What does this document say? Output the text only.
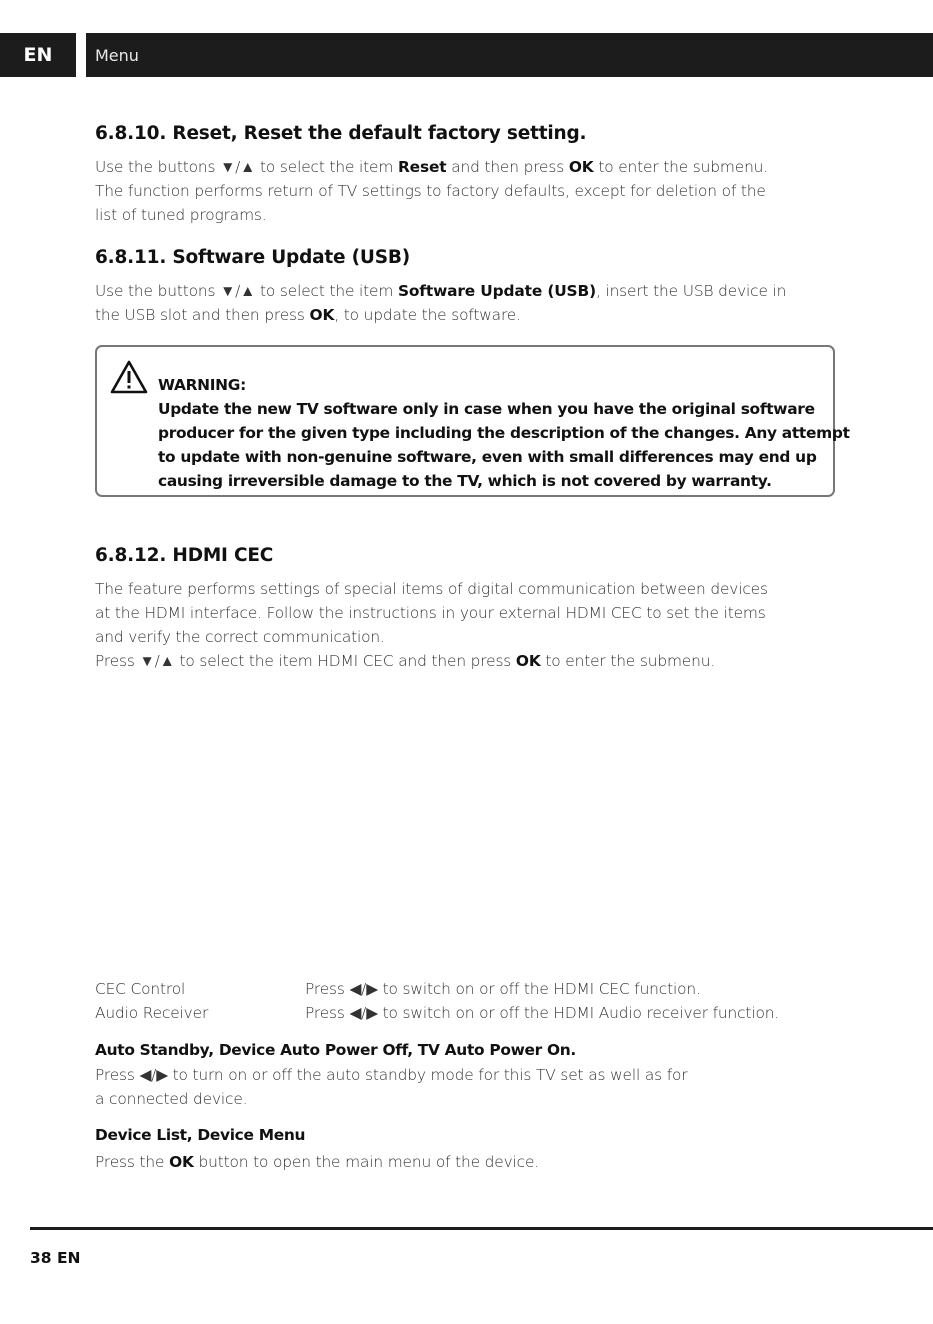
EN	Menu
6.8.10. Reset, Reset the default factory setting.
Use the buttons ▼/▲ to select the item Reset and then press OK to enter the submenu.
The function performs return of TV settings to factory defaults, except for deletion of the
list of tuned programs.
6.8.11. Software Update (USB)
Use the buttons ▼/▲ to select the item Software Update (USB), insert the USB device in
the USB slot and then press OK, to update the software.
WARNING:
Update the new TV software only in case when you have the original software
producer for the given type including the description of the changes. Any attempt
to update with non-genuine software, even with small differences may end up
causing irreversible damage to the TV, which is not covered by warranty.
6.8.12. HDMI CEC
The feature performs settings of special items of digital communication between devices
at the HDMI interface. Follow the instructions in your external HDMI CEC to set the items
and verify the correct communication.
Press ▼/▲ to select the item HDMI CEC and then press OK to enter the submenu.
CEC Control	Press ◀/▶ to switch on or off the HDMI CEC function.
Audio Receiver	Press ◀/▶ to switch on or off the HDMI Audio receiver function.
Auto Standby, Device Auto Power Off, TV Auto Power On.
Press ◀/▶ to turn on or off the auto standby mode for this TV set as well as for
a connected device.
Device List, Device Menu
Press the OK button to open the main menu of the device.
38 EN
